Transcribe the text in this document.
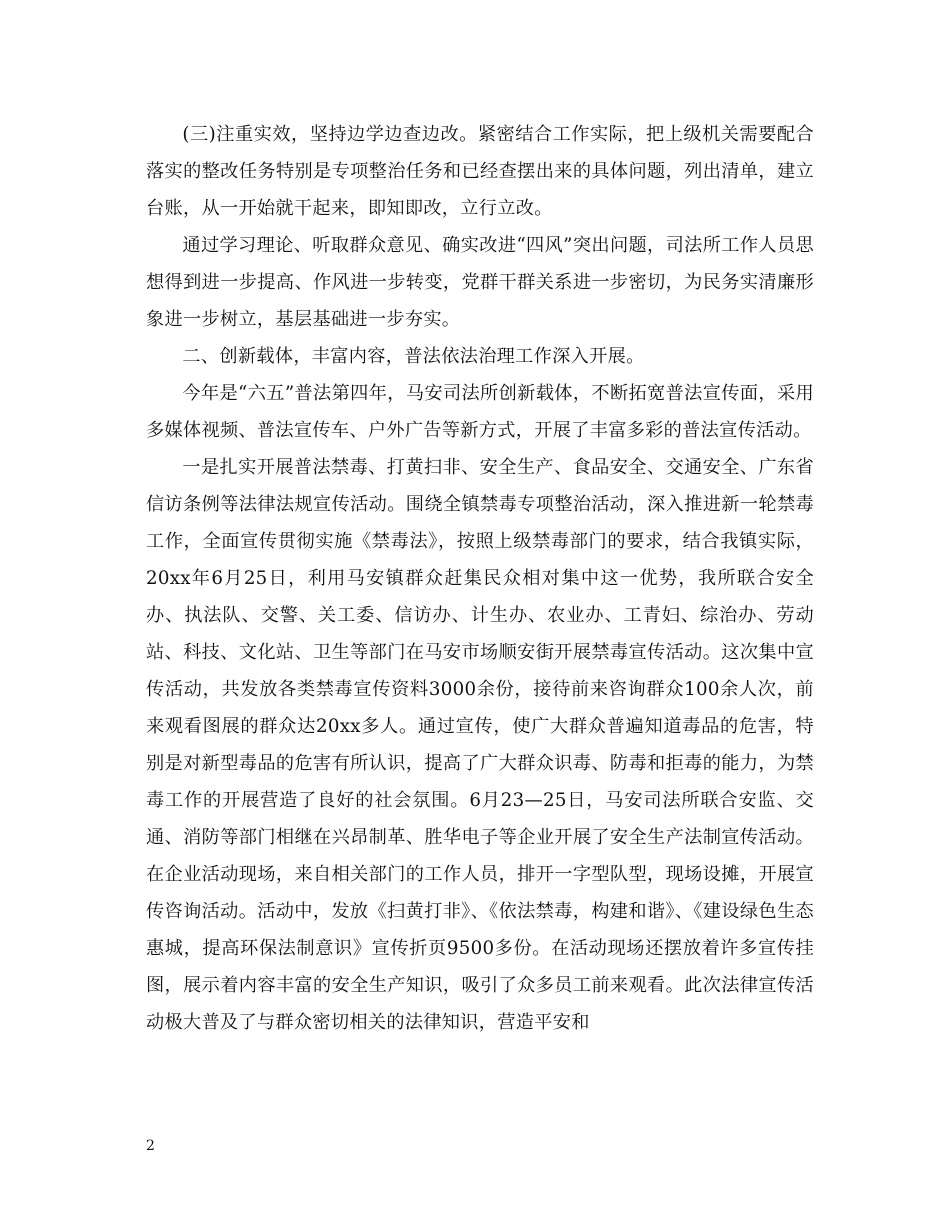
(三)注重实效，坚持边学边查边改。紧密结合工作实际，把上级机关需要配合落实的整改任务特别是专项整治任务和已经查摆出来的具体问题，列出清单，建立台账，从一开始就干起来，即知即改，立行立改。

通过学习理论、听取群众意见、确实改进“四风”突出问题，司法所工作人员思想得到进一步提高、作风进一步转变，党群干群关系进一步密切，为民务实清廉形象进一步树立，基层基础进一步夯实。

二、创新载体，丰富内容，普法依法治理工作深入开展。

今年是“六五”普法第四年，马安司法所创新载体，不断拓宽普法宣传面，采用多媒体视频、普法宣传车、户外广告等新方式，开展了丰富多彩的普法宣传活动。

一是扎实开展普法禁毒、打黄扫非、安全生产、食品安全、交通安全、广东省信访条例等法律法规宣传活动。围绕全镇禁毒专项整治活动，深入推进新一轮禁毒工作，全面宣传贯彻实施《禁毒法》，按照上级禁毒部门的要求，结合我镇实际，20xx年6月25日，利用马安镇群众赶集民众相对集中这一优势，我所联合安全办、执法队、交警、关工委、信访办、计生办、农业办、工青妇、综治办、劳动站、科技、文化站、卫生等部门在马安市场顺安街开展禁毒宣传活动。这次集中宣传活动，共发放各类禁毒宣传资料3000余份，接待前来咨询群众100余人次，前来观看图展的群众达20xx多人。通过宣传，使广大群众普遍知道毒品的危害，特别是对新型毒品的危害有所认识，提高了广大群众识毒、防毒和拒毒的能力，为禁毒工作的开展营造了良好的社会氛围。6月23—25日，马安司法所联合安监、交通、消防等部门相继在兴昂制革、胜华电子等企业开展了安全生产法制宣传活动。在企业活动现场，来自相关部门的工作人员，排开一字型队型，现场设摊，开展宣传咨询活动。活动中，发放《扫黄打非》、《依法禁毒，构建和谐》、《建设绿色生态惠城，提高环保法制意识》宣传折页9500多份。在活动现场还摆放着许多宣传挂图，展示着内容丰富的安全生产知识，吸引了众多员工前来观看。此次法律宣传活动极大普及了与群众密切相关的法律知识，营造平安和

2
